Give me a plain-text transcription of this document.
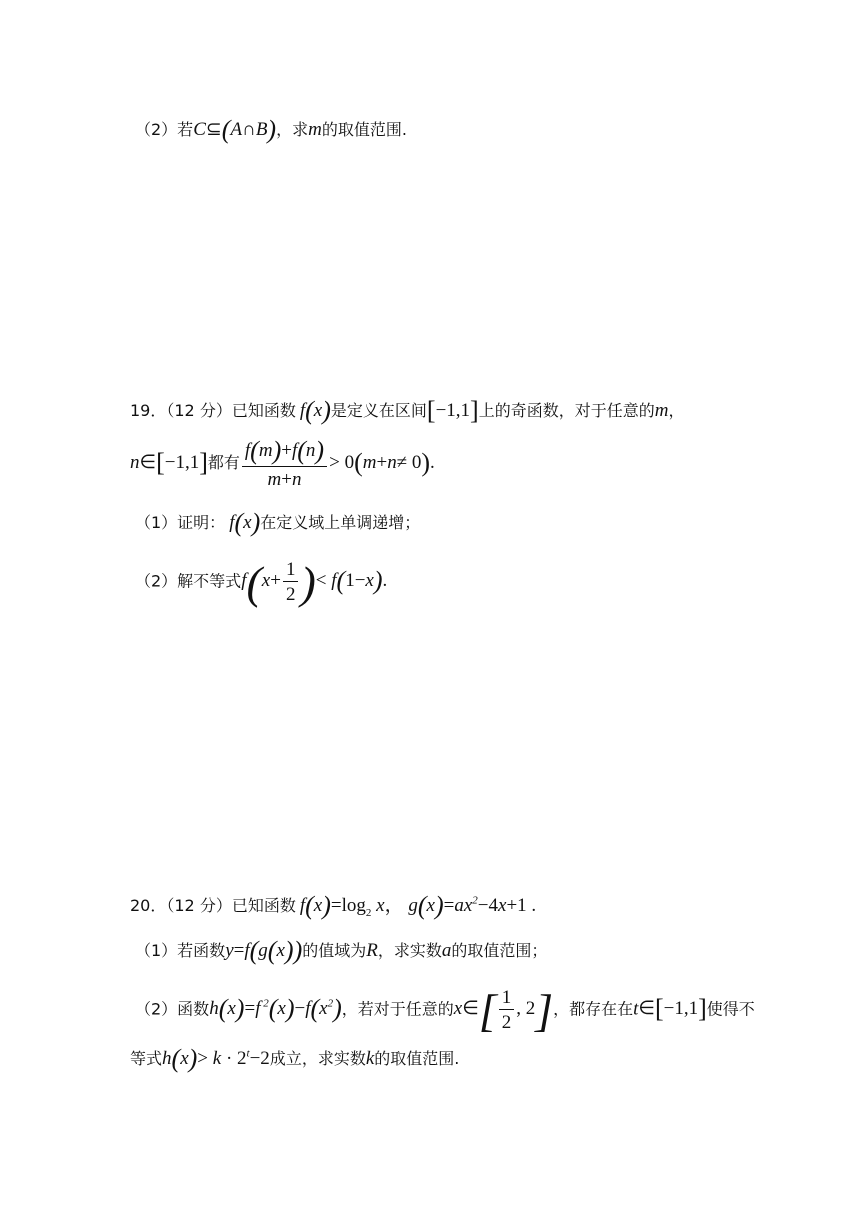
（2）若C⊆(A∩B)，求m的取值范围.
19．（12 分）已知函数 f(x)是定义在区间[−1,1]上的奇函数，对于任意的m，
n∈[−1,1]都有 $\frac{f(m)+f(n)}{m+n} > 0(m+n\ne 0)$.
（1）证明： f(x)在定义域上单调递增；
（2）解不等式$f(x+ \frac{1}{2}$ )< f(1−x).
20．（12 分）已知函数 $f(x)=\log_2$ x， $g(x)=ax^2-4x+1$ .
（1）若函数y=f(g(x))的值域为R，求实数a的取值范围；
（2）函数h(x)=f $^2(x)-f(x^2)$，若对于任意的x∈[ $\frac{1}{2}$ , 2]，都存在在t∈[−1,1]使得不
等式$h(x)> k \cdot 2^t-2$成立，求实数k的取值范围.
